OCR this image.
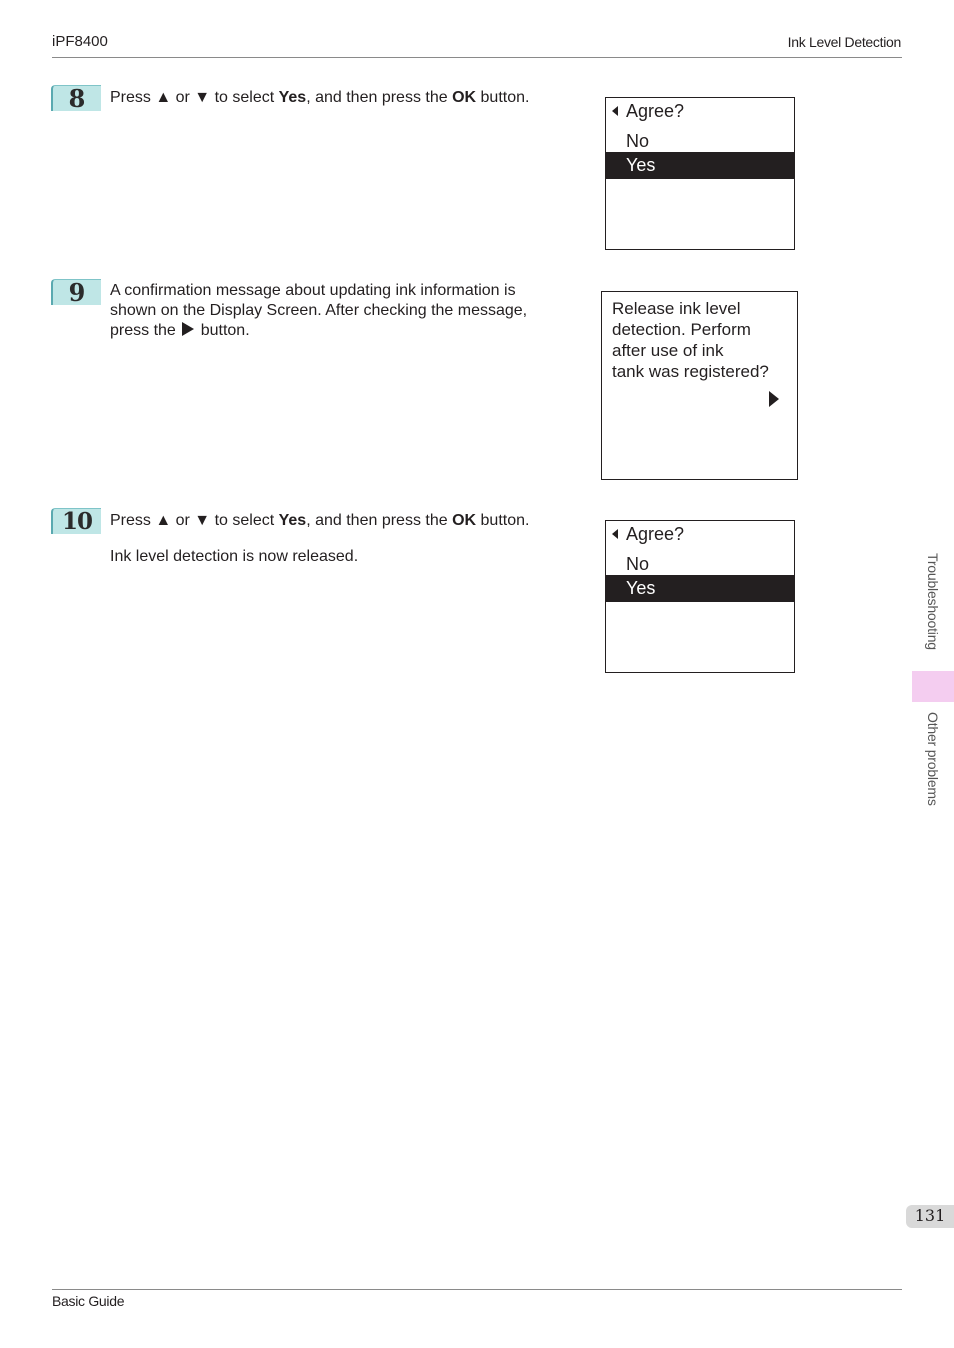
iPF8400	Ink Level Detection
8	Press ▲ or ▼ to select Yes, and then press the OK button.

Agree?
No
Yes
9	A confirmation message about updating ink information is shown on the Display Screen. After checking the message, press the button.

Release ink level
detection. Perform
after use of ink
tank was registered?
10	Press ▲ or ▼ to select Yes, and then press the OK button.

Ink level detection is now released.

Agree?
No
Yes	Troubleshooting
Other problems
131
Basic Guide
